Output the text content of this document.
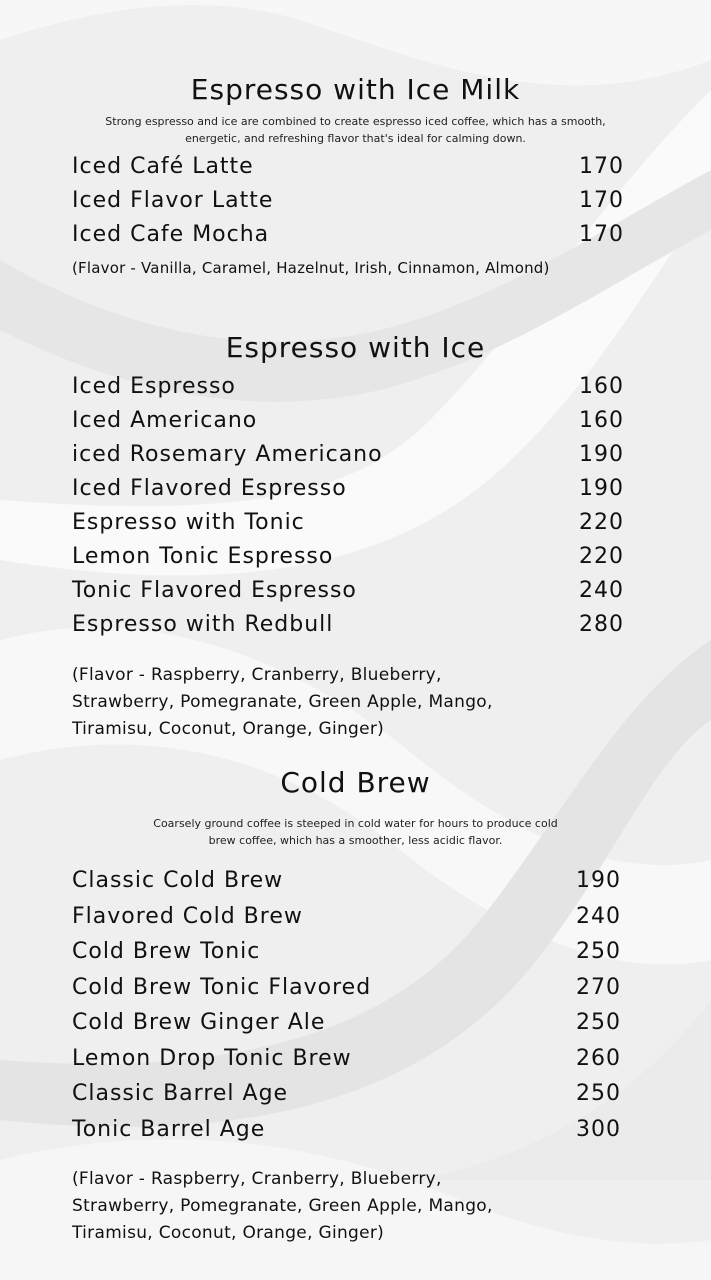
Espresso with Ice Milk
Strong espresso and ice are combined to create espresso iced coffee, which has a smooth,
energetic, and refreshing flavor that's ideal for calming down.
Iced Café Latte	170
Iced Flavor Latte	170
Iced Cafe Mocha	170
(Flavor - Vanilla, Caramel, Hazelnut, Irish, Cinnamon, Almond)
Espresso with Ice
Iced Espresso	160
Iced Americano	160
iced Rosemary Americano	190
Iced Flavored Espresso	190
Espresso with Tonic	220
Lemon Tonic Espresso	220
Tonic Flavored Espresso	240
Espresso with Redbull	280
(Flavor - Raspberry, Cranberry, Blueberry,
Strawberry, Pomegranate, Green Apple, Mango,
Tiramisu, Coconut, Orange, Ginger)
Cold Brew
Coarsely ground coffee is steeped in cold water for hours to produce cold
brew coffee, which has a smoother, less acidic flavor.
Classic Cold Brew	190
Flavored Cold Brew	240
Cold Brew Tonic	250
Cold Brew Tonic Flavored	270
Cold Brew Ginger Ale	250
Lemon Drop Tonic Brew	260
Classic Barrel Age	250
Tonic Barrel Age	300
(Flavor - Raspberry, Cranberry, Blueberry,
Strawberry, Pomegranate, Green Apple, Mango,
Tiramisu, Coconut, Orange, Ginger)
